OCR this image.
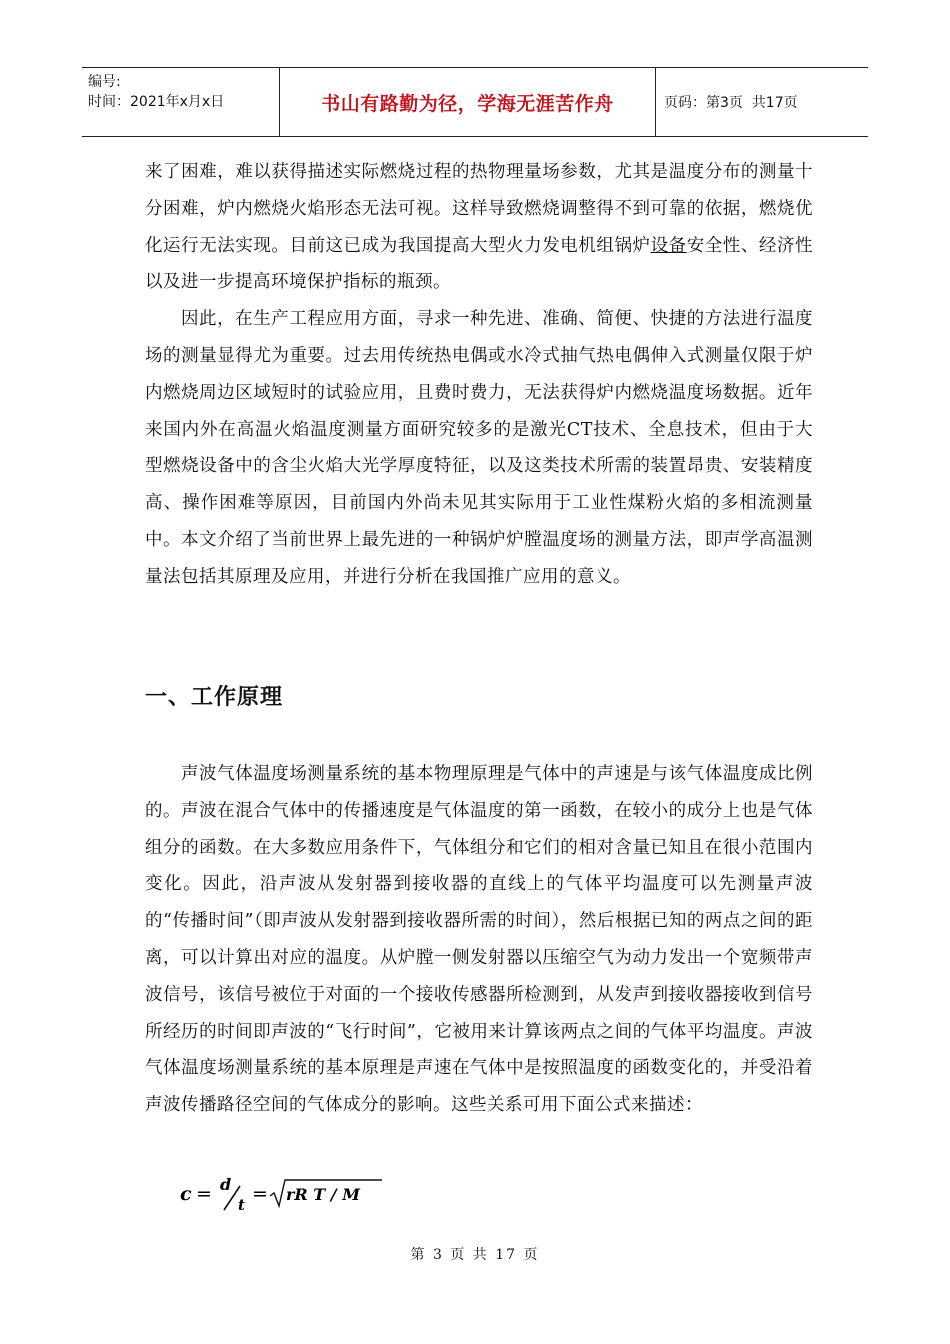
编号:
时间：2021年x月x日	书山有路勤为径，学海无涯苦作舟	页码：第3页  共17页

来了困难，难以获得描述实际燃烧过程的热物理量场参数，尤其是温度分布的测量十分困难，炉内燃烧火焰形态无法可视。这样导致燃烧调整得不到可靠的依据，燃烧优化运行无法实现。目前这已成为我国提高大型火力发电机组锅炉设备安全性、经济性以及进一步提高环境保护指标的瓶颈。

因此，在生产工程应用方面，寻求一种先进、准确、简便、快捷的方法进行温度场的测量显得尤为重要。过去用传统热电偶或水冷式抽气热电偶伸入式测量仅限于炉内燃烧周边区域短时的试验应用，且费时费力，无法获得炉内燃烧温度场数据。近年来国内外在高温火焰温度测量方面研究较多的是激光CT技术、全息技术，但由于大型燃烧设备中的含尘火焰大光学厚度特征，以及这类技术所需的装置昂贵、安装精度高、操作困难等原因，目前国内外尚未见其实际用于工业性煤粉火焰的多相流测量中。本文介绍了当前世界上最先进的一种锅炉炉膛温度场的测量方法，即声学高温测量法包括其原理及应用，并进行分析在我国推广应用的意义。

一、工作原理

声波气体温度场测量系统的基本物理原理是气体中的声速是与该气体温度成比例的。声波在混合气体中的传播速度是气体温度的第一函数，在较小的成分上也是气体组分的函数。在大多数应用条件下，气体组分和它们的相对含量已知且在很小范围内变化。因此，沿声波从发射器到接收器的直线上的气体平均温度可以先测量声波的“传播时间”（即声波从发射器到接收器所需的时间），然后根据已知的两点之间的距离，可以计算出对应的温度。从炉膛一侧发射器以压缩空气为动力发出一个宽频带声波信号，该信号被位于对面的一个接收传感器所检测到，从发声到接收器接收到信号所经历的时间即声波的“飞行时间”，它被用来计算该两点之间的气体平均温度。声波气体温度场测量系统的基本原理是声速在气体中是按照温度的函数变化的，并受沿着声波传播路径空间的气体成分的影响。这些关系可用下面公式来描述：

c = d
t = rR T / M
第 3 页 共 17 页
